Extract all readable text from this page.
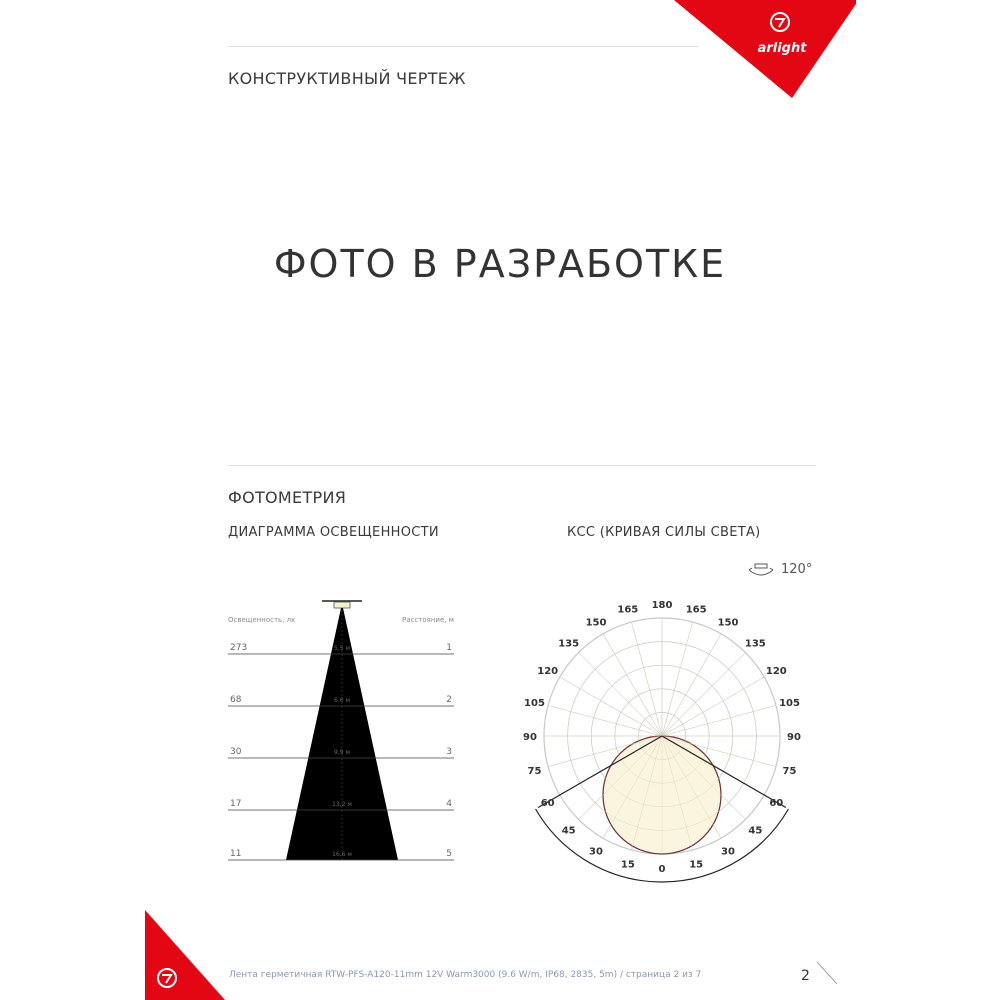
arlight
КОНСТРУКТИВНЫЙ ЧЕРТЕЖ
ФОТО В РАЗРАБОТКЕ
ФОТОМЕТРИЯ
ДИАГРАММА ОСВЕЩЕННОСТИ	КСС (КРИВАЯ СИЛЫ СВЕТА)
120°
Освещенность, лк	Расстояние, м
273	1
5,5 м
68	2
6,6 м
30	3
9,9 м
17	4
13,2 м
11	5
16,6 м
180
165
150
135
120
105
90
75
60
45
30
15 0
165
150
135
120
105
90
75
60
45
30
15
Лента герметичная RTW-PFS-A120-11mm 12V Warm3000 (9.6 W/m, IP68, 2835, 5m) / страница 2 из 7	2
